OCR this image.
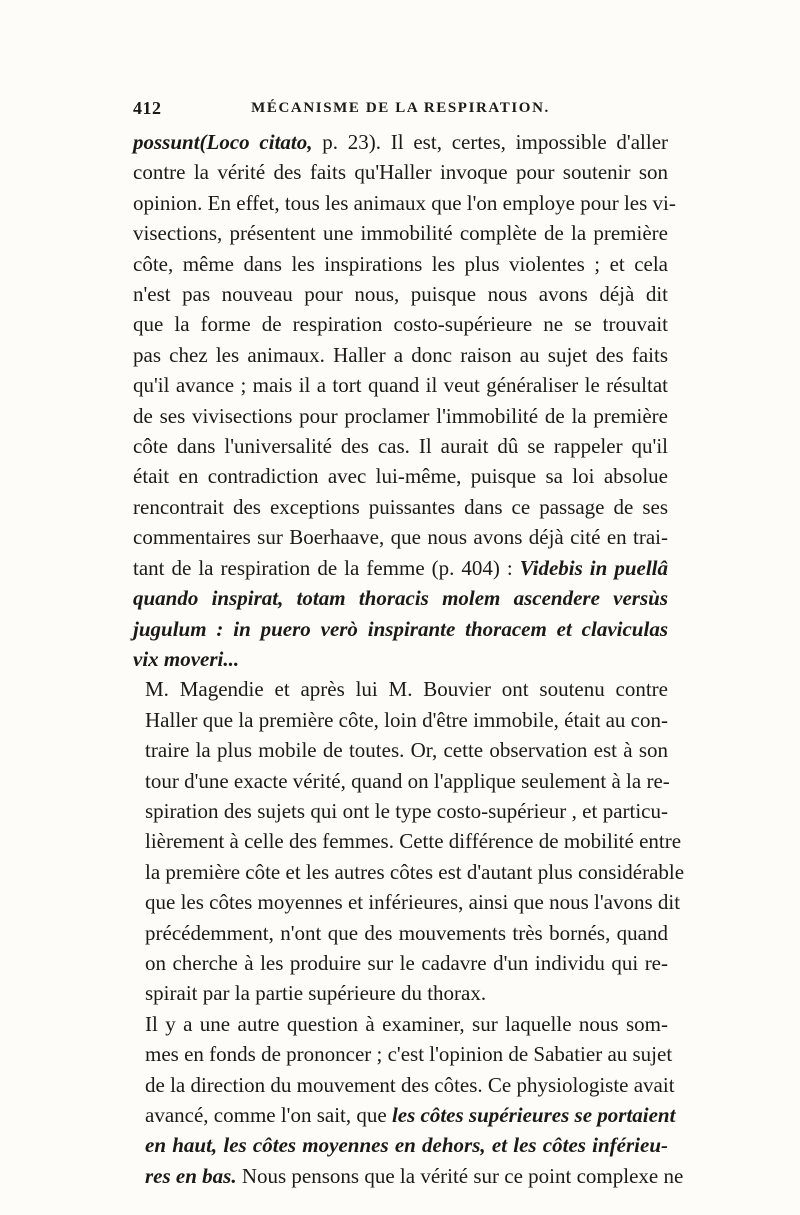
412	MÉCANISME DE LA RESPIRATION.

possunt(Loco citato, p. 23). Il est, certes, impossible d'aller
contre la vérité des faits qu'Haller invoque pour soutenir son
opinion. En effet, tous les animaux que l'on employe pour les vi-
visections, présentent une immobilité complète de la première
côte, même dans les inspirations les plus violentes ; et cela
n'est pas nouveau pour nous, puisque nous avons déjà dit
que la forme de respiration costo-supérieure ne se trouvait
pas chez les animaux. Haller a donc raison au sujet des faits
qu'il avance ; mais il a tort quand il veut généraliser le résultat
de ses vivisections pour proclamer l'immobilité de la première
côte dans l'universalité des cas. Il aurait dû se rappeler qu'il
était en contradiction avec lui-même, puisque sa loi absolue
rencontrait des exceptions puissantes dans ce passage de ses
commentaires sur Boerhaave, que nous avons déjà cité en trai-
tant de la respiration de la femme (p. 404) : Videbis in puellâ
quando inspirat, totam thoracis molem ascendere versùs
jugulum : in puero verò inspirante thoracem et claviculas
vix moveri...

M. Magendie et après lui M. Bouvier ont soutenu contre
Haller que la première côte, loin d'être immobile, était au con-
traire la plus mobile de toutes. Or, cette observation est à son
tour d'une exacte vérité, quand on l'applique seulement à la re-
spiration des sujets qui ont le type costo-supérieur , et particu-
lièrement à celle des femmes. Cette différence de mobilité entre
la première côte et les autres côtes est d'autant plus considérable
que les côtes moyennes et inférieures, ainsi que nous l'avons dit
précédemment, n'ont que des mouvements très bornés, quand
on cherche à les produire sur le cadavre d'un individu qui re-
spirait par la partie supérieure du thorax.

Il y a une autre question à examiner, sur laquelle nous som-
mes en fonds de prononcer ; c'est l'opinion de Sabatier au sujet
de la direction du mouvement des côtes. Ce physiologiste avait
avancé, comme l'on sait, que les côtes supérieures se portaient
en haut, les côtes moyennes en dehors, et les côtes inférieu-
res en bas. Nous pensons que la vérité sur ce point complexe ne
